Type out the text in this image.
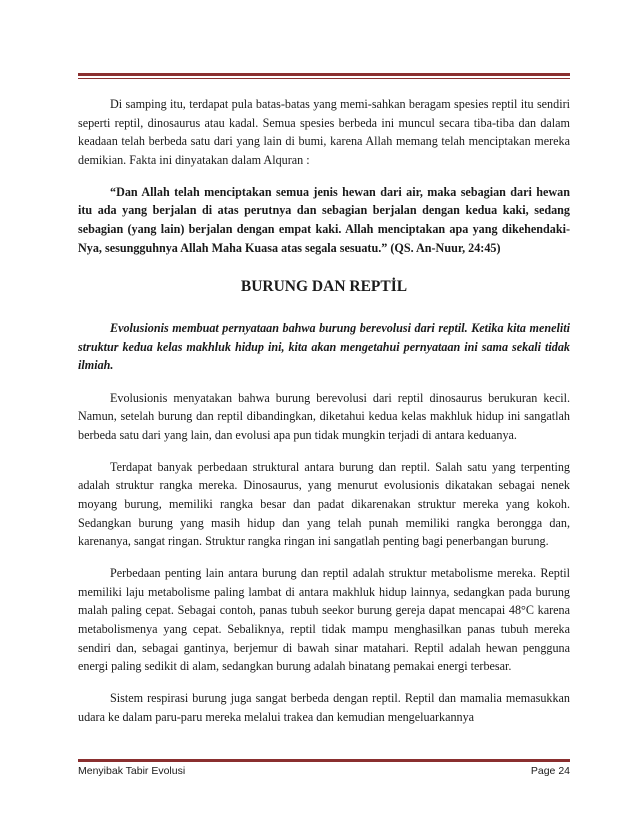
Di samping itu, terdapat pula batas-batas yang memi-sahkan beragam spesies reptil itu sendiri seperti reptil, dinosaurus atau kadal. Semua spesies berbeda ini muncul secara tiba-tiba dan dalam keadaan telah berbeda satu dari yang lain di bumi, karena Allah memang telah menciptakan mereka demikian. Fakta ini dinyatakan dalam Alquran :

“Dan Allah telah menciptakan semua jenis hewan dari air, maka sebagian dari hewan itu ada yang berjalan di atas perutnya dan sebagian berjalan dengan kedua kaki, sedang sebagian (yang lain) berjalan dengan empat kaki. Allah menciptakan apa yang dikehendaki-Nya, sesungguhnya Allah Maha Kuasa atas segala sesuatu.” (QS. An-Nuur, 24:45)

BURUNG DAN REPTİL

Evolusionis membuat pernyataan bahwa burung berevolusi dari reptil. Ketika kita meneliti struktur kedua kelas makhluk hidup ini, kita akan mengetahui pernyataan ini sama sekali tidak ilmiah.

Evolusionis menyatakan bahwa burung berevolusi dari reptil dinosaurus berukuran kecil. Namun, setelah burung dan reptil dibandingkan, diketahui kedua kelas makhluk hidup ini sangatlah berbeda satu dari yang lain, dan evolusi apa pun tidak mungkin terjadi di antara keduanya.

Terdapat banyak perbedaan struktural antara burung dan reptil. Salah satu yang terpenting adalah struktur rangka mereka. Dinosaurus, yang menurut evolusionis dikatakan sebagai nenek moyang burung, memiliki rangka besar dan padat dikarenakan struktur mereka yang kokoh. Sedangkan burung yang masih hidup dan yang telah punah memiliki rangka berongga dan, karenanya, sangat ringan. Struktur rangka ringan ini sangatlah penting bagi penerbangan burung.

Perbedaan penting lain antara burung dan reptil adalah struktur metabolisme mereka. Reptil memiliki laju metabolisme paling lambat di antara makhluk hidup lainnya, sedangkan pada burung malah paling cepat. Sebagai contoh, panas tubuh seekor burung gereja dapat mencapai 48°C karena metabolismenya yang cepat. Sebaliknya, reptil tidak mampu menghasilkan panas tubuh mereka sendiri dan, sebagai gantinya, berjemur di bawah sinar matahari. Reptil adalah hewan pengguna energi paling sedikit di alam, sedangkan burung adalah binatang pemakai energi terbesar.

Sistem respirasi burung juga sangat berbeda dengan reptil. Reptil dan mamalia memasukkan udara ke dalam paru-paru mereka melalui trakea dan kemudian mengeluarkannya

Menyibak Tabir Evolusi	Page 24
